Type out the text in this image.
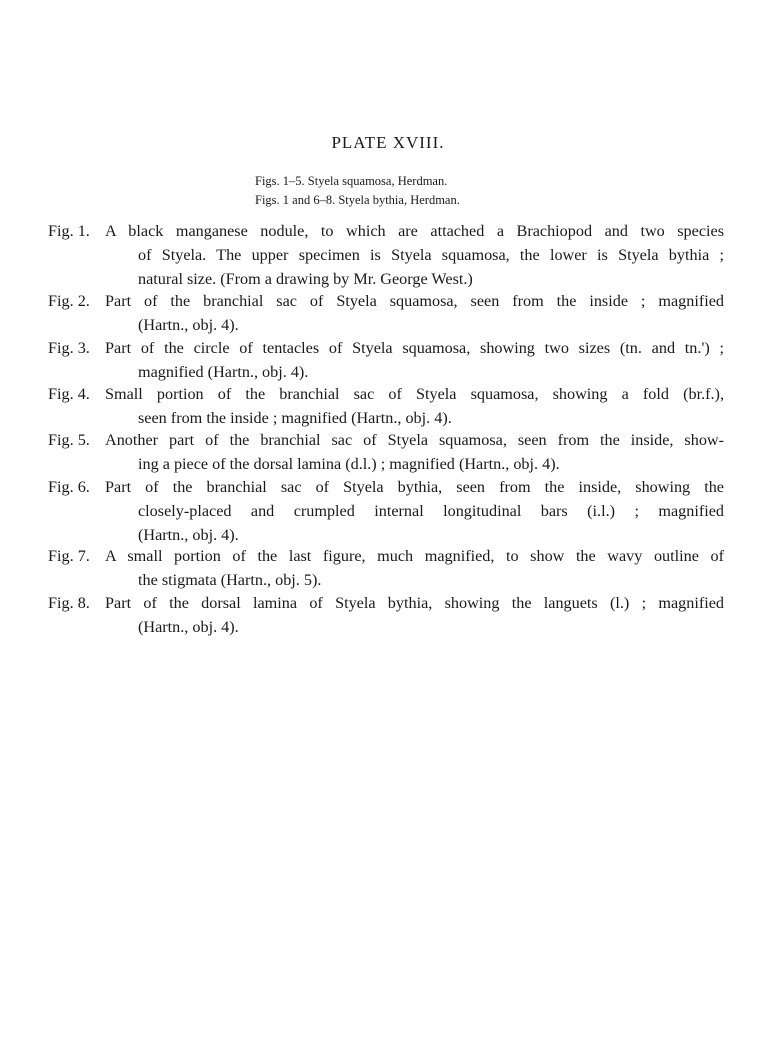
PLATE XVIII.
Figs. 1–5. Styela squamosa, Herdman.
Figs. 1 and 6–8. Styela bythia, Herdman.
Fig. 1. A black manganese nodule, to which are attached a Brachiopod and two species
of Styela. The upper specimen is Styela squamosa, the lower is Styela bythia ;
natural size. (From a drawing by Mr. George West.)
Fig. 2. Part of the branchial sac of Styela squamosa, seen from the inside ; magnified
(Hartn., obj. 4).
Fig. 3. Part of the circle of tentacles of Styela squamosa, showing two sizes (tn. and tn.') ;
magnified (Hartn., obj. 4).
Fig. 4. Small portion of the branchial sac of Styela squamosa, showing a fold (br.f.),
seen from the inside ; magnified (Hartn., obj. 4).
Fig. 5. Another part of the branchial sac of Styela squamosa, seen from the inside, show-
ing a piece of the dorsal lamina (d.l.) ; magnified (Hartn., obj. 4).
Fig. 6. Part of the branchial sac of Styela bythia, seen from the inside, showing the
closely-placed and crumpled internal longitudinal bars (i.l.) ; magnified
(Hartn., obj. 4).
Fig. 7. A small portion of the last figure, much magnified, to show the wavy outline of
the stigmata (Hartn., obj. 5).
Fig. 8. Part of the dorsal lamina of Styela bythia, showing the languets (l.) ; magnified
(Hartn., obj. 4).
